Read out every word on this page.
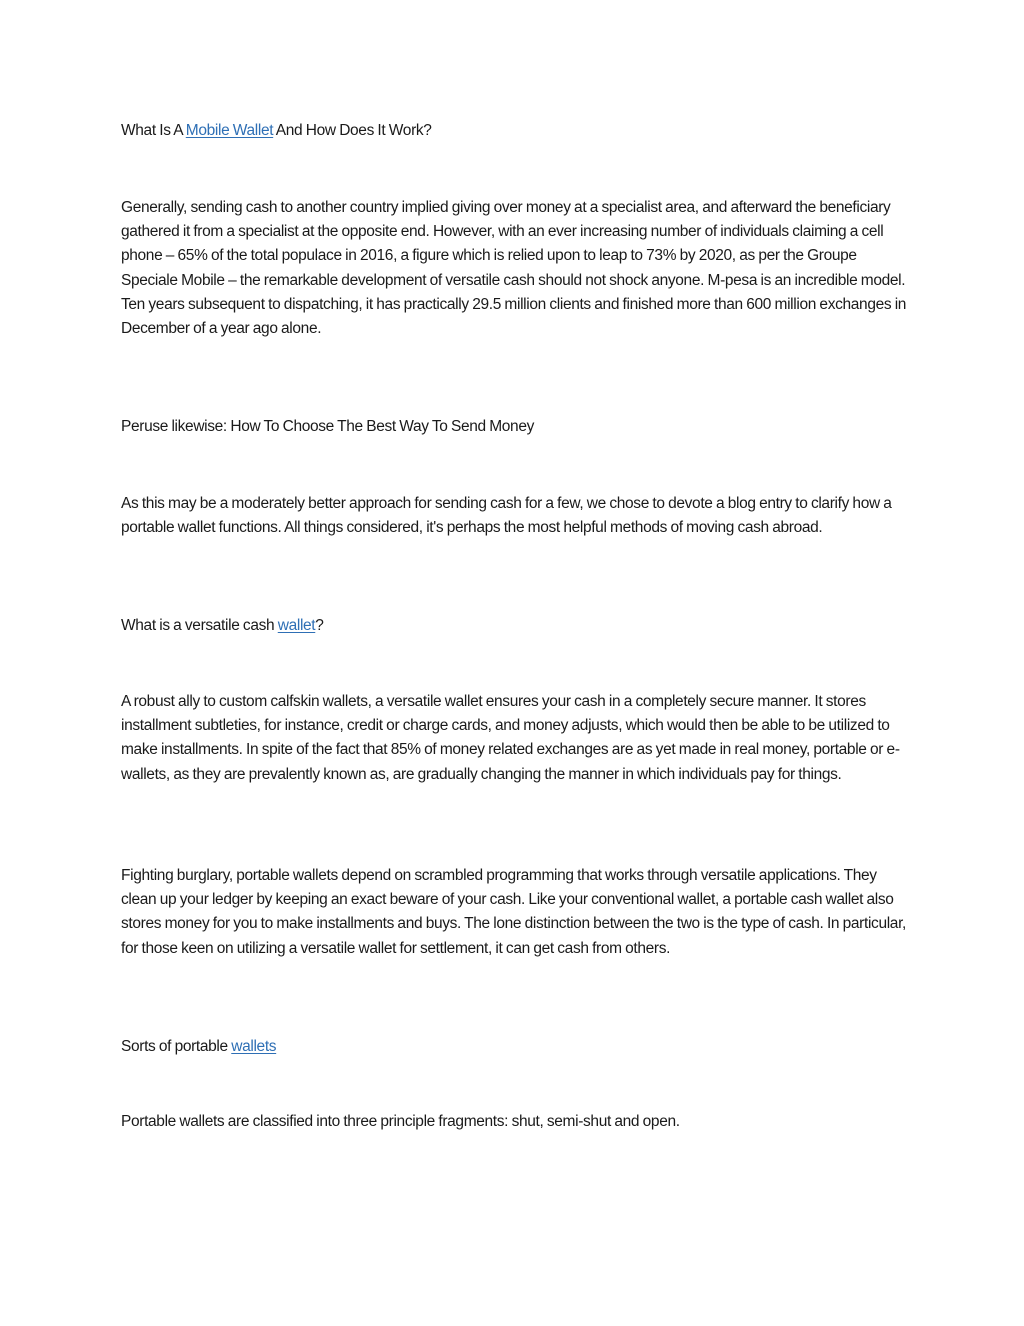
What Is A Mobile Wallet And How Does It Work?

Generally, sending cash to another country implied giving over money at a specialist area, and afterward the beneficiary gathered it from a specialist at the opposite end. However, with an ever increasing number of individuals claiming a cell phone – 65% of the total populace in 2016, a figure which is relied upon to leap to 73% by 2020, as per the Groupe Speciale Mobile – the remarkable development of versatile cash should not shock anyone. M-pesa is an incredible model. Ten years subsequent to dispatching, it has practically 29.5 million clients and finished more than 600 million exchanges in December of a year ago alone.

Peruse likewise: How To Choose The Best Way To Send Money

As this may be a moderately better approach for sending cash for a few, we chose to devote a blog entry to clarify how a portable wallet functions. All things considered, it's perhaps the most helpful methods of moving cash abroad.

What is a versatile cash wallet?

A robust ally to custom calfskin wallets, a versatile wallet ensures your cash in a completely secure manner. It stores installment subtleties, for instance, credit or charge cards, and money adjusts, which would then be able to be utilized to make installments. In spite of the fact that 85% of money related exchanges are as yet made in real money, portable or e-wallets, as they are prevalently known as, are gradually changing the manner in which individuals pay for things.

Fighting burglary, portable wallets depend on scrambled programming that works through versatile applications. They clean up your ledger by keeping an exact beware of your cash. Like your conventional wallet, a portable cash wallet also stores money for you to make installments and buys. The lone distinction between the two is the type of cash. In particular, for those keen on utilizing a versatile wallet for settlement, it can get cash from others.

Sorts of portable wallets

Portable wallets are classified into three principle fragments: shut, semi-shut and open.
